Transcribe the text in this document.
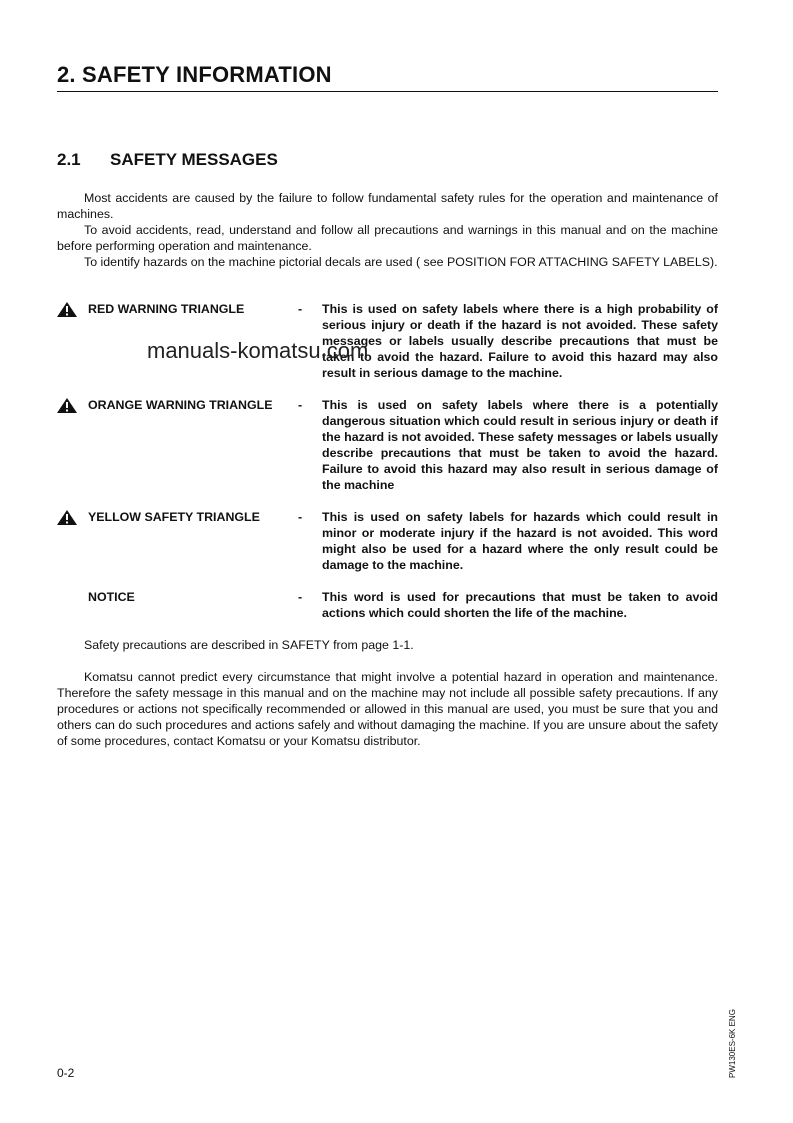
2. SAFETY INFORMATION
2.1 SAFETY MESSAGES

Most accidents are caused by the failure to follow fundamental safety rules for the operation and maintenance of machines.

To avoid accidents, read, understand and follow all precautions and warnings in this manual and on the machine before performing operation and maintenance.

To identify hazards on the machine pictorial decals are used ( see POSITION FOR ATTACHING SAFETY LABELS).

RED WARNING TRIANGLE	- This is used on safety labels where there is a high probability of serious injury or death if the hazard is not avoided. These safety messages or labels usually describe precautions that must be taken to avoid the hazard. Failure to avoid this hazard may also result in serious damage to the machine.
ORANGE WARNING TRIANGLE - This is used on safety labels where there is a potentially dangerous situation which could result in serious injury or death if the hazard is not avoided. These safety messages or labels usually describe precautions that must be taken to avoid the hazard. Failure to avoid this hazard may also result in serious damage of the machine
YELLOW SAFETY TRIANGLE	- This is used on safety labels for hazards which could result in minor or moderate injury if the hazard is not avoided. This word might also be used for a hazard where the only result could be damage to the machine.
NOTICE	- This word is used for precautions that must be taken to avoid actions which could shorten the life of the machine.

Safety precautions are described in SAFETY from page 1-1.

Komatsu cannot predict every circumstance that might involve a potential hazard in operation and maintenance. Therefore the safety message in this manual and on the machine may not include all possible safety precautions. If any procedures or actions not specifically recommended or allowed in this manual are used, you must be sure that you and others can do such procedures and actions safely and without damaging the machine. If you are unsure about the safety of some procedures, contact Komatsu or your Komatsu distributor.

manuals-komatsu.com
0-2	PW130ES-6K ENG
